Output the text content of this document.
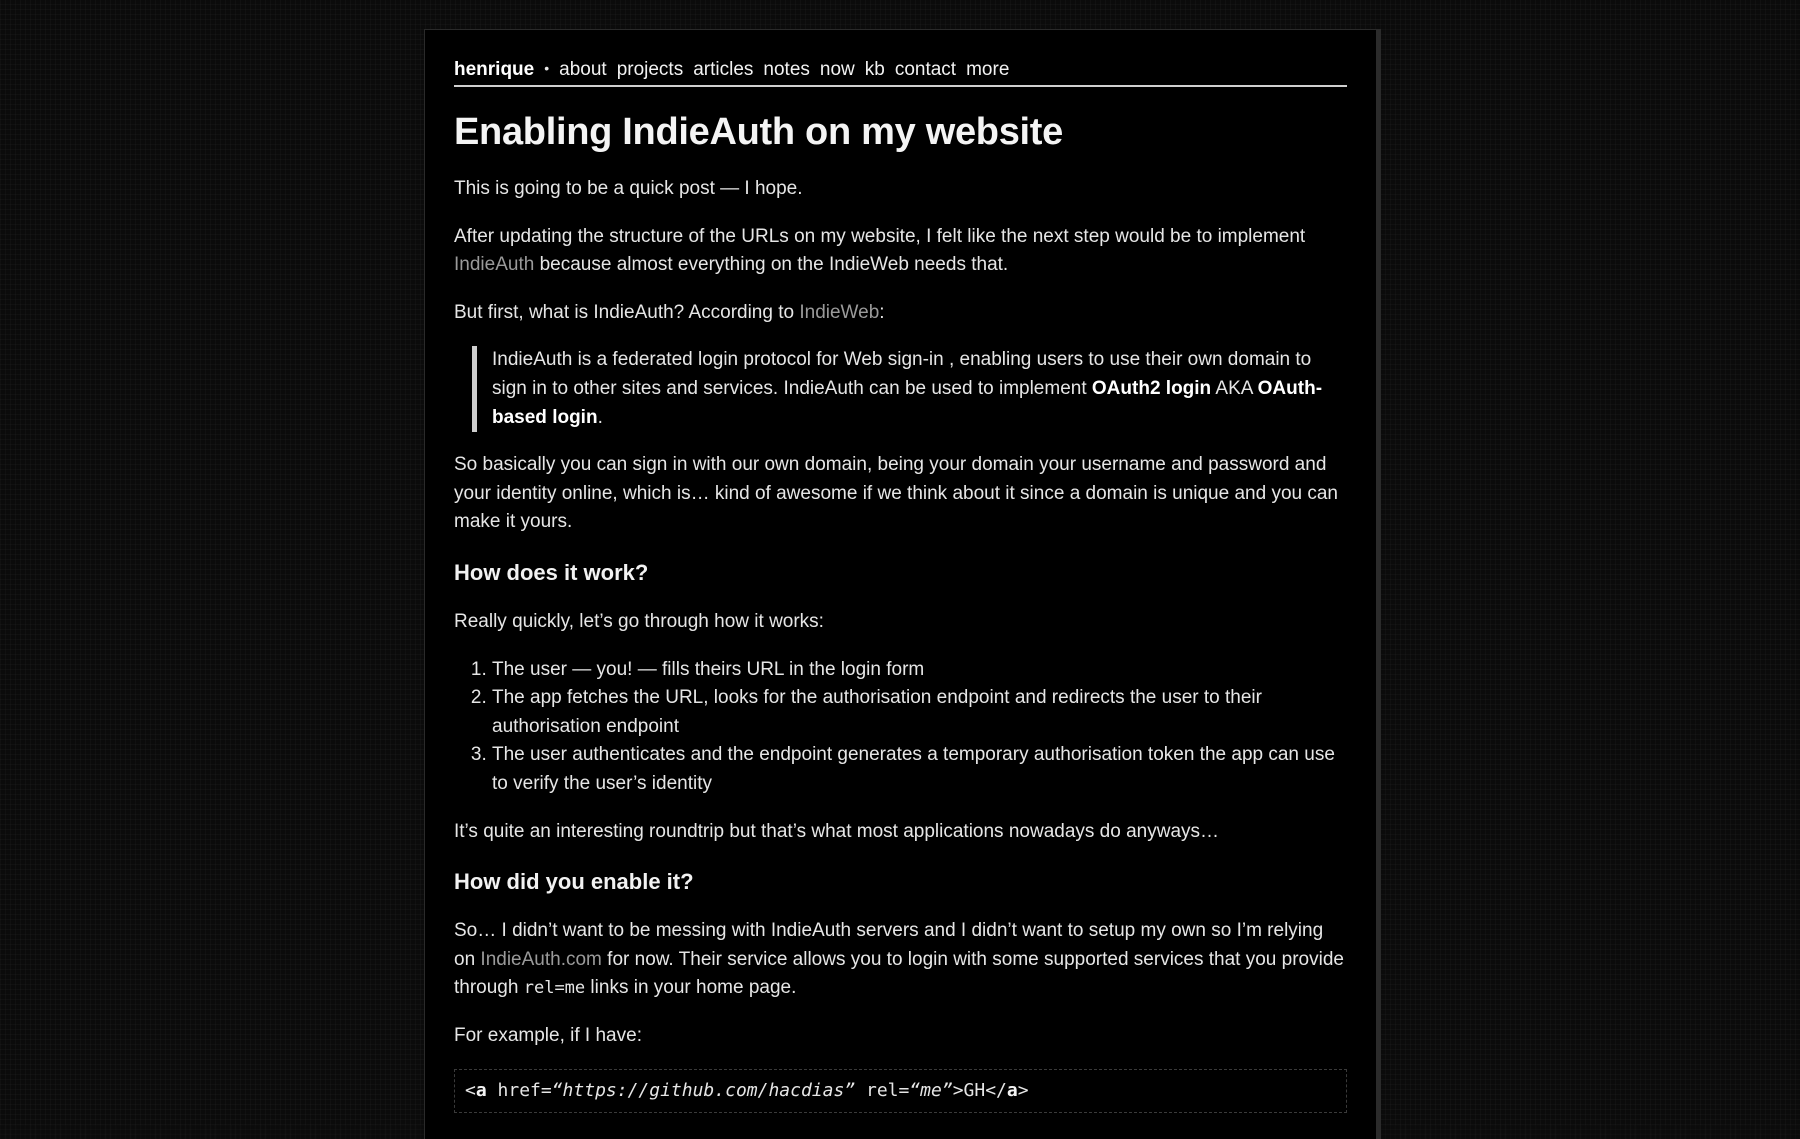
henrique • about projects articles notes now kb contact more
Enabling IndieAuth on my website

This is going to be a quick post — I hope.

After updating the structure of the URLs on my website, I felt like the next step would be to implement IndieAuth because almost everything on the IndieWeb needs that.

But first, what is IndieAuth? According to IndieWeb:

IndieAuth is a federated login protocol for Web sign-in , enabling users to use their own domain to sign in to other sites and services. IndieAuth can be used to implement OAuth2 login AKA OAuth-based login.

So basically you can sign in with our own domain, being your domain your username and password and your identity online, which is… kind of awesome if we think about it since a domain is unique and you can make it yours.

How does it work?

Really quickly, let’s go through how it works:

1. The user — you! — fills theirs URL in the login form
2. The app fetches the URL, looks for the authorisation endpoint and redirects the user to their authorisation endpoint
3. The user authenticates and the endpoint generates a temporary authorisation token the app can use to verify the user’s identity

It’s quite an interesting roundtrip but that’s what most applications nowadays do anyways…

How did you enable it?

So… I didn’t want to be messing with IndieAuth servers and I didn’t want to setup my own so I’m relying on IndieAuth.com for now. Their service allows you to login with some supported services that you provide through rel=me links in your home page.

For example, if I have:

<a href=“https://github.com/hacdias” rel=“me”>GH</a>
